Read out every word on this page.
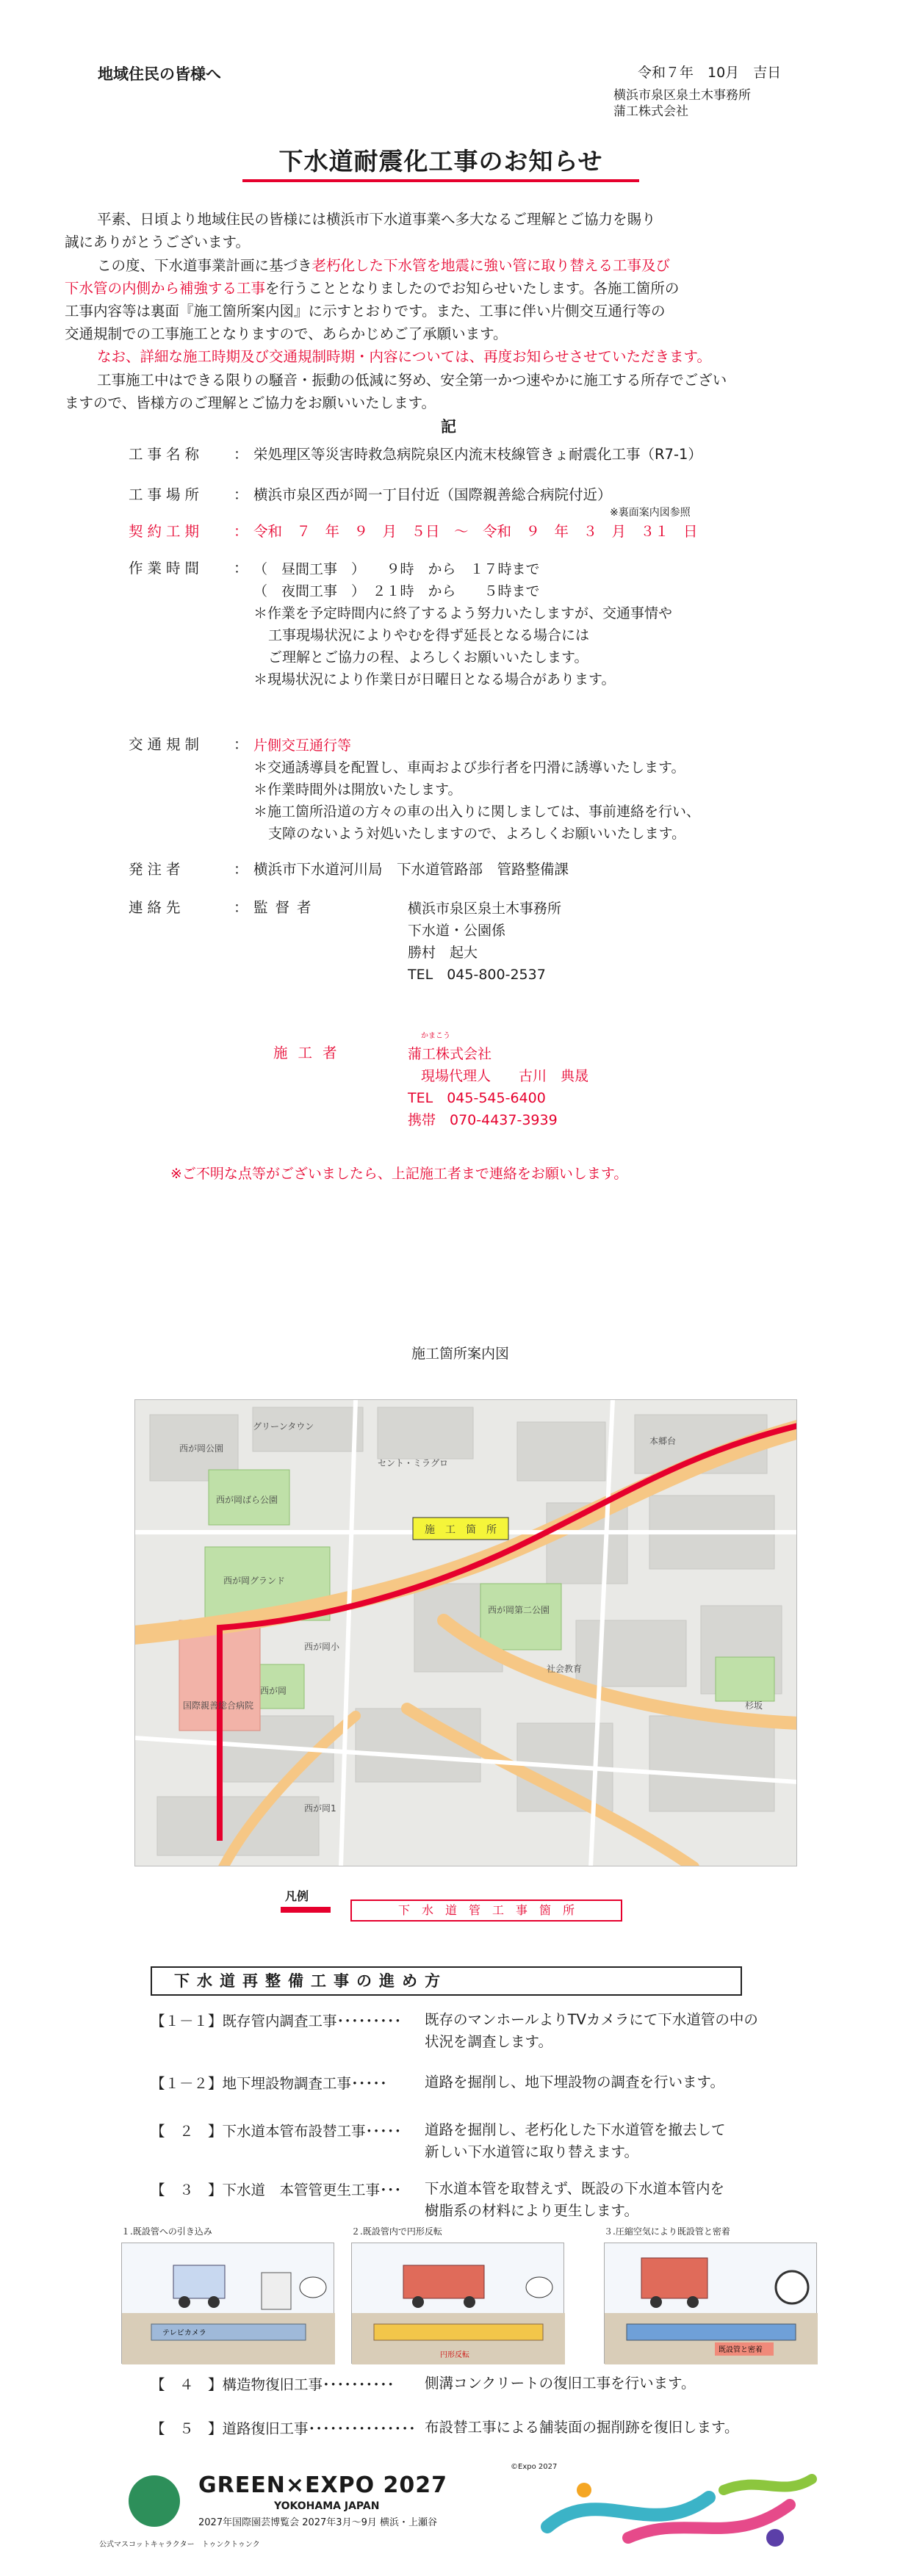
地域住民の皆様へ	令和７年　10月　吉日
横浜市泉区泉土木事務所
蒲工株式会社
下水道耐震化工事のお知らせ
平素、日頃より地域住民の皆様には横浜市下水道事業へ多大なるご理解とご協力を賜り
誠にありがとうございます。
この度、下水道事業計画に基づき老朽化した下水管を地震に強い管に取り替える工事及び
下水管の内側から補強する工事を行うこととなりましたのでお知らせいたします。各施工箇所の
工事内容等は裏面『施工箇所案内図』に示すとおりです。また、工事に伴い片側交互通行等の
交通規制での工事施工となりますので、あらかじめご了承願います。
なお、詳細な施工時期及び交通規制時期・内容については、再度お知らせさせていただきます。
工事施工中はできる限りの騒音・振動の低減に努め、安全第一かつ速やかに施工する所存でござい
ますので、皆様方のご理解とご協力をお願いいたします。
記
工事名称	： 栄処理区等災害時救急病院泉区内流末枝線管きょ耐震化工事（R7-1）
工事場所	： 横浜市泉区西が岡一丁目付近（国際親善総合病院付近）
※裏面案内図参照
契約工期	： 令和　７　年　９　月　５日　～　令和　９　年　３　月　３１　日
作業時間	： （　昼間工事　）　　９時　から　１７時まで
（　夜間工事　）　２１時　から　　５時まで
＊作業を予定時間内に終了するよう努力いたしますが、交通事情や
工事現場状況によりやむを得ず延長となる場合には
ご理解とご協力の程、よろしくお願いいたします。
＊現場状況により作業日が日曜日となる場合があります。
交通規制	： 片側交互通行等
＊交通誘導員を配置し、車両および歩行者を円滑に誘導いたします。
＊作業時間外は開放いたします。
＊施工箇所沿道の方々の車の出入りに関しましては、事前連絡を行い、
支障のないよう対処いたしますので、よろしくお願いいたします。
発注者	： 横浜市下水道河川局　下水道管路部　管路整備課
連絡先	： 監督者	横浜市泉区泉土木事務所
下水道・公園係
勝村　起大
TEL　045-800-2537
施工者
かまこう
蒲工株式会社
現場代理人　　古川　典晟
TEL　045-545-6400
携帯　070-4437-3939
※ご不明な点等がございましたら、上記施工者まで連絡をお願いします。
施工箇所案内図
施　工　箇　所
西が岡公園
西が岡ばら公園
西が岡グランド
国際親善総合病院
西が岡小
西が岡
西が岡1
杉坂
社会教育
グリーンタウン
本郷台
西が岡第二公園
セント・ミラグロ
凡例
下　水　道　管　工　事　箇　所
下水道再整備工事の進め方
【１－１】既存管内調査工事･････････ 既存のマンホールよりTVカメラにて下水道管の中の
状況を調査します。
【１－２】地下埋設物調査工事･････	道路を掘削し、地下埋設物の調査を行います。
【　２　】下水道本管布設替工事･････ 道路を掘削し、老朽化した下水道管を撤去して
新しい下水道管に取り替えます。
【　３　】下水道　本管管更生工事･･･ 下水道本管を取替えず、既設の下水道本管内を
樹脂系の材料により更生します。
１.既設管への引き込み
テレビカメラ
２.既設管内で円形反転
円形反転
３.圧縮空気により既設管と密着
既設管と密着
【　４　】構造物復旧工事･･････････ 側溝コンクリートの復旧工事を行います。
【　５　】道路復旧工事･･･････････････ 布設替工事による舗装面の掘削跡を復旧します。
GREEN×EXPO 2027
YOKOHAMA JAPAN
2027年国際園芸博覧会 2027年3月～9月 横浜・上瀬谷
公式マスコットキャラクター　トゥンクトゥンク
©Expo 2027
